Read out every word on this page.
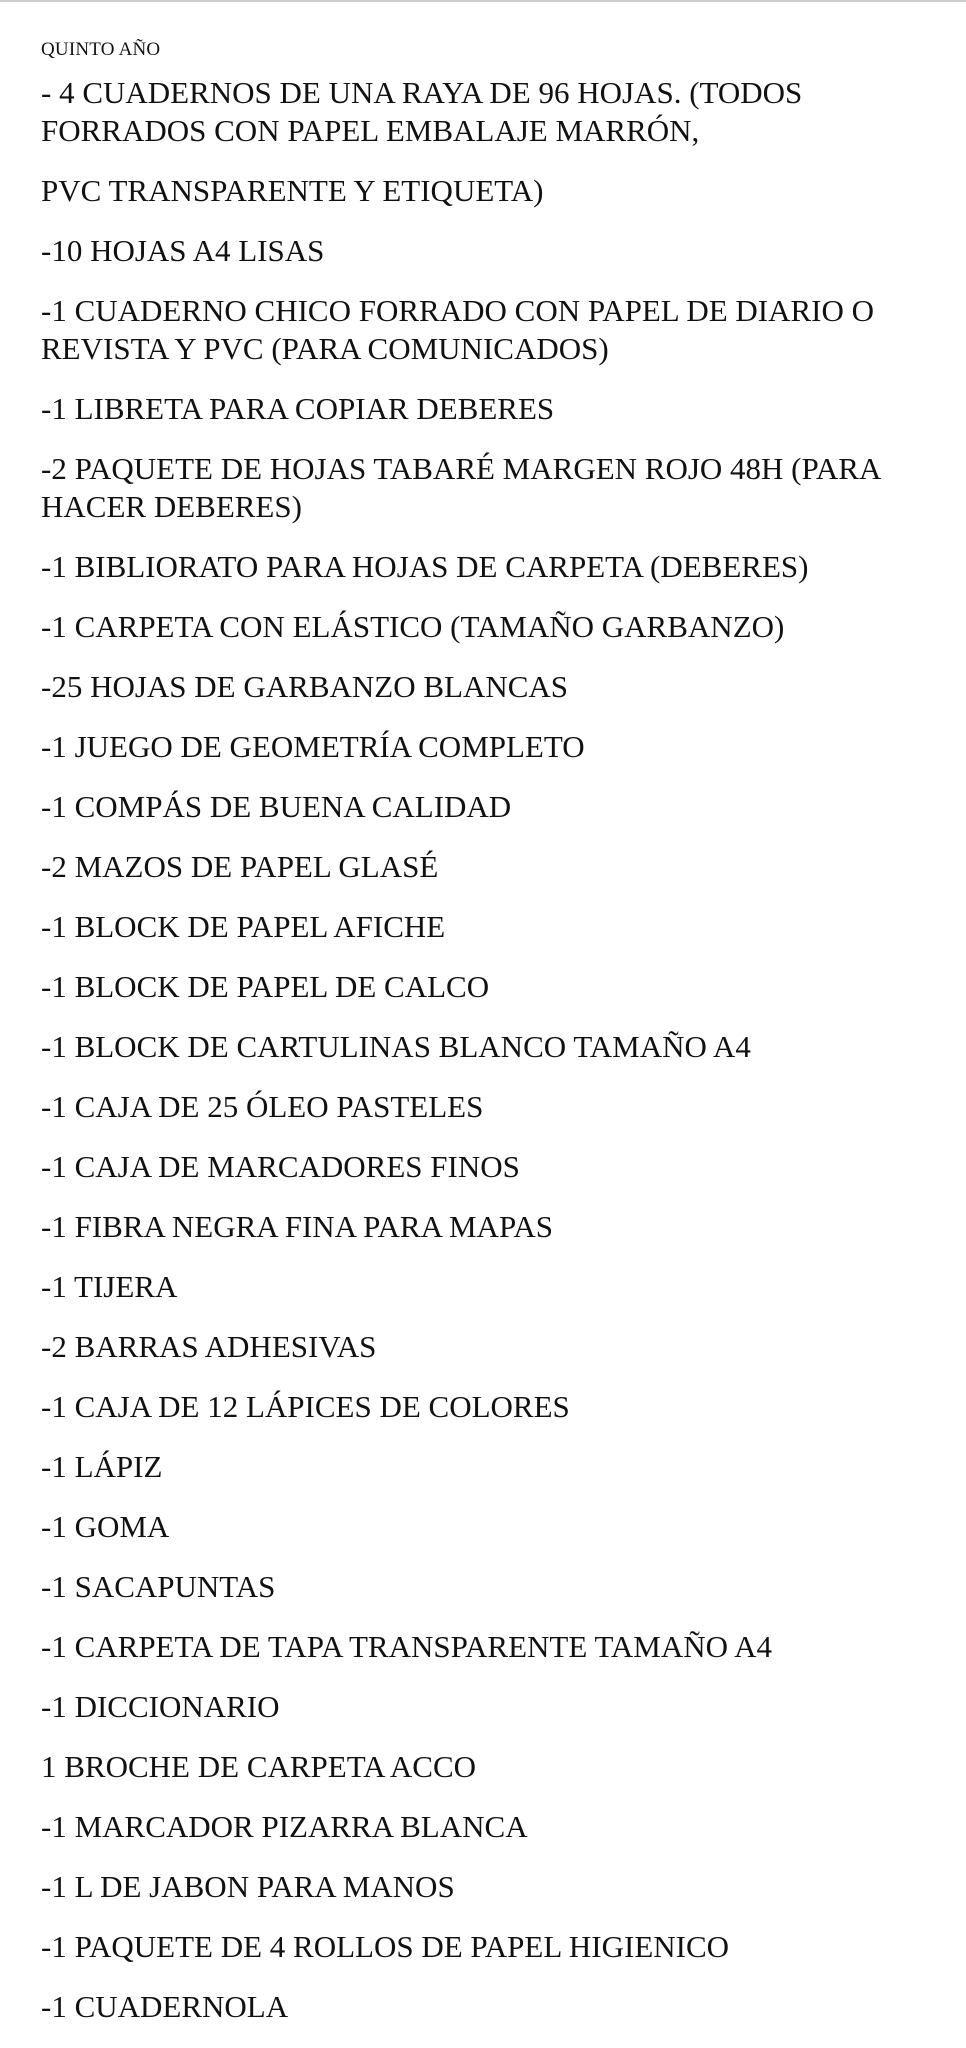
QUINTO AÑO
- 4 CUADERNOS DE UNA RAYA DE 96 HOJAS. (TODOS
FORRADOS CON PAPEL EMBALAJE MARRÓN,
PVC TRANSPARENTE Y ETIQUETA)
-10 HOJAS A4 LISAS
-1 CUADERNO CHICO FORRADO CON PAPEL DE DIARIO O
REVISTA Y PVC (PARA COMUNICADOS)
-1 LIBRETA PARA COPIAR DEBERES
-2 PAQUETE DE HOJAS TABARÉ MARGEN ROJO 48H (PARA
HACER DEBERES)
-1 BIBLIORATO PARA HOJAS DE CARPETA (DEBERES)
-1 CARPETA CON ELÁSTICO (TAMAÑO GARBANZO)
-25 HOJAS DE GARBANZO BLANCAS
-1 JUEGO DE GEOMETRÍA COMPLETO
-1 COMPÁS DE BUENA CALIDAD
-2 MAZOS DE PAPEL GLASÉ
-1 BLOCK DE PAPEL AFICHE
-1 BLOCK DE PAPEL DE CALCO
-1 BLOCK DE CARTULINAS BLANCO TAMAÑO A4
-1 CAJA DE 25 ÓLEO PASTELES
-1 CAJA DE MARCADORES FINOS
-1 FIBRA NEGRA FINA PARA MAPAS
-1 TIJERA
-2 BARRAS ADHESIVAS
-1 CAJA DE 12 LÁPICES DE COLORES
-1 LÁPIZ
-1 GOMA
-1 SACAPUNTAS
-1 CARPETA DE TAPA TRANSPARENTE TAMAÑO A4
-1 DICCIONARIO
1 BROCHE DE CARPETA ACCO
-1 MARCADOR PIZARRA BLANCA
-1 L DE JABON PARA MANOS
-1 PAQUETE DE 4 ROLLOS DE PAPEL HIGIENICO
-1 CUADERNOLA
